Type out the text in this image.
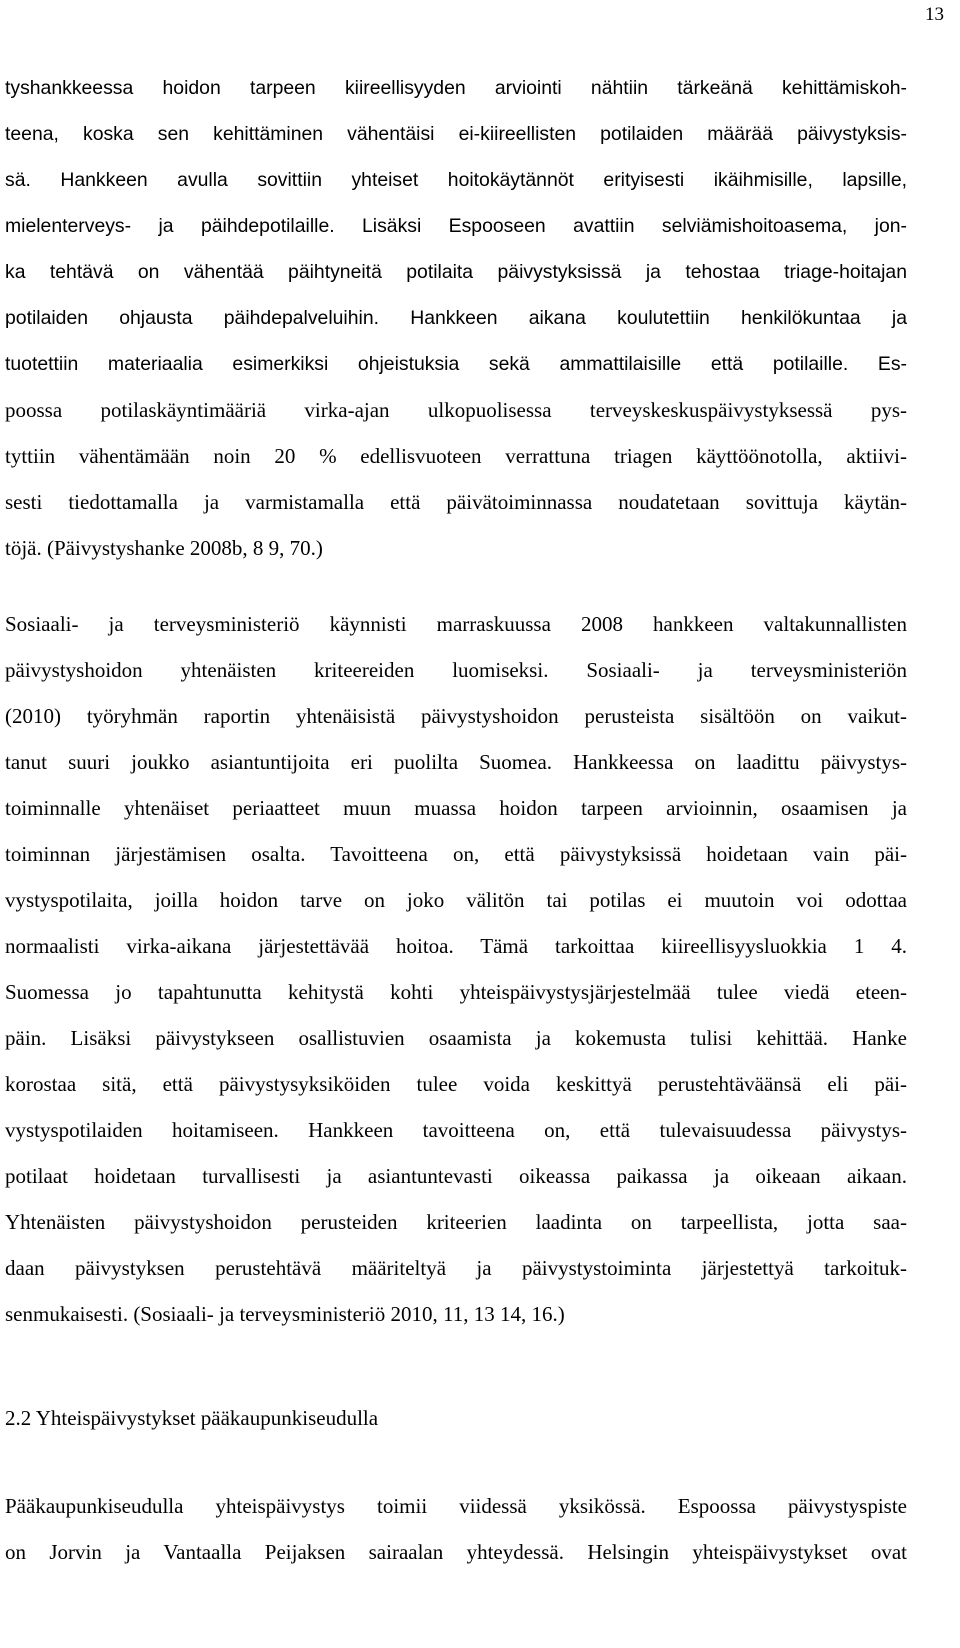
13
tyshankkeessa hoidon tarpeen kiireellisyyden arviointi nähtiin tärkeänä kehittämiskoh-
teena, koska sen kehittäminen vähentäisi ei-kiireellisten potilaiden määrää päivystyksis-
sä. Hankkeen avulla sovittiin yhteiset hoitokäytännöt erityisesti ikäihmisille, lapsille,
mielenterveys- ja päihdepotilaille. Lisäksi Espooseen avattiin selviämishoitoasema, jon-
ka tehtävä on vähentää päihtyneitä potilaita päivystyksissä ja tehostaa triage-hoitajan
potilaiden ohjausta päihdepalveluihin. Hankkeen aikana koulutettiin henkilökuntaa ja
tuotettiin materiaalia esimerkiksi ohjeistuksia sekä ammattilaisille että potilaille. Es-
poossa potilaskäyntimääriä virka-ajan ulkopuolisessa terveyskeskuspäivystyksessä pys-
tyttiin vähentämään noin 20 % edellisvuoteen verrattuna triagen käyttöönotolla, aktiivi-
sesti tiedottamalla ja varmistamalla että päivätoiminnassa noudatetaan sovittuja käytän-
töjä. (Päivystyshanke 2008b, 8 9, 70.)
Sosiaali- ja terveysministeriö käynnisti marraskuussa 2008 hankkeen valtakunnallisten
päivystyshoidon yhtenäisten kriteereiden luomiseksi. Sosiaali- ja terveysministeriön
(2010) työryhmän raportin yhtenäisistä päivystyshoidon perusteista sisältöön on vaikut-
tanut suuri joukko asiantuntijoita eri puolilta Suomea. Hankkeessa on laadittu päivystys-
toiminnalle yhtenäiset periaatteet muun muassa hoidon tarpeen arvioinnin, osaamisen ja
toiminnan järjestämisen osalta. Tavoitteena on, että päivystyksissä hoidetaan vain päi-
vystyspotilaita, joilla hoidon tarve on joko välitön tai potilas ei muutoin voi odottaa
normaalisti virka-aikana järjestettävää hoitoa. Tämä tarkoittaa kiireellisyysluokkia 1 4.
Suomessa jo tapahtunutta kehitystä kohti yhteispäivystysjärjestelmää tulee viedä eteen-
päin. Lisäksi päivystykseen osallistuvien osaamista ja kokemusta tulisi kehittää. Hanke
korostaa sitä, että päivystysyksiköiden tulee voida keskittyä perustehtäväänsä eli päi-
vystyspotilaiden hoitamiseen. Hankkeen tavoitteena on, että tulevaisuudessa päivystys-
potilaat hoidetaan turvallisesti ja asiantuntevasti oikeassa paikassa ja oikeaan aikaan.
Yhtenäisten päivystyshoidon perusteiden kriteerien laadinta on tarpeellista, jotta saa-
daan päivystyksen perustehtävä määriteltyä ja päivystystoiminta järjestettyä tarkoituk-
senmukaisesti. (Sosiaali- ja terveysministeriö 2010, 11, 13 14, 16.)
2.2 Yhteispäivystykset pääkaupunkiseudulla
Pääkaupunkiseudulla yhteispäivystys toimii viidessä yksikössä. Espoossa päivystyspiste
on Jorvin ja Vantaalla Peijaksen sairaalan yhteydessä. Helsingin yhteispäivystykset ovat
